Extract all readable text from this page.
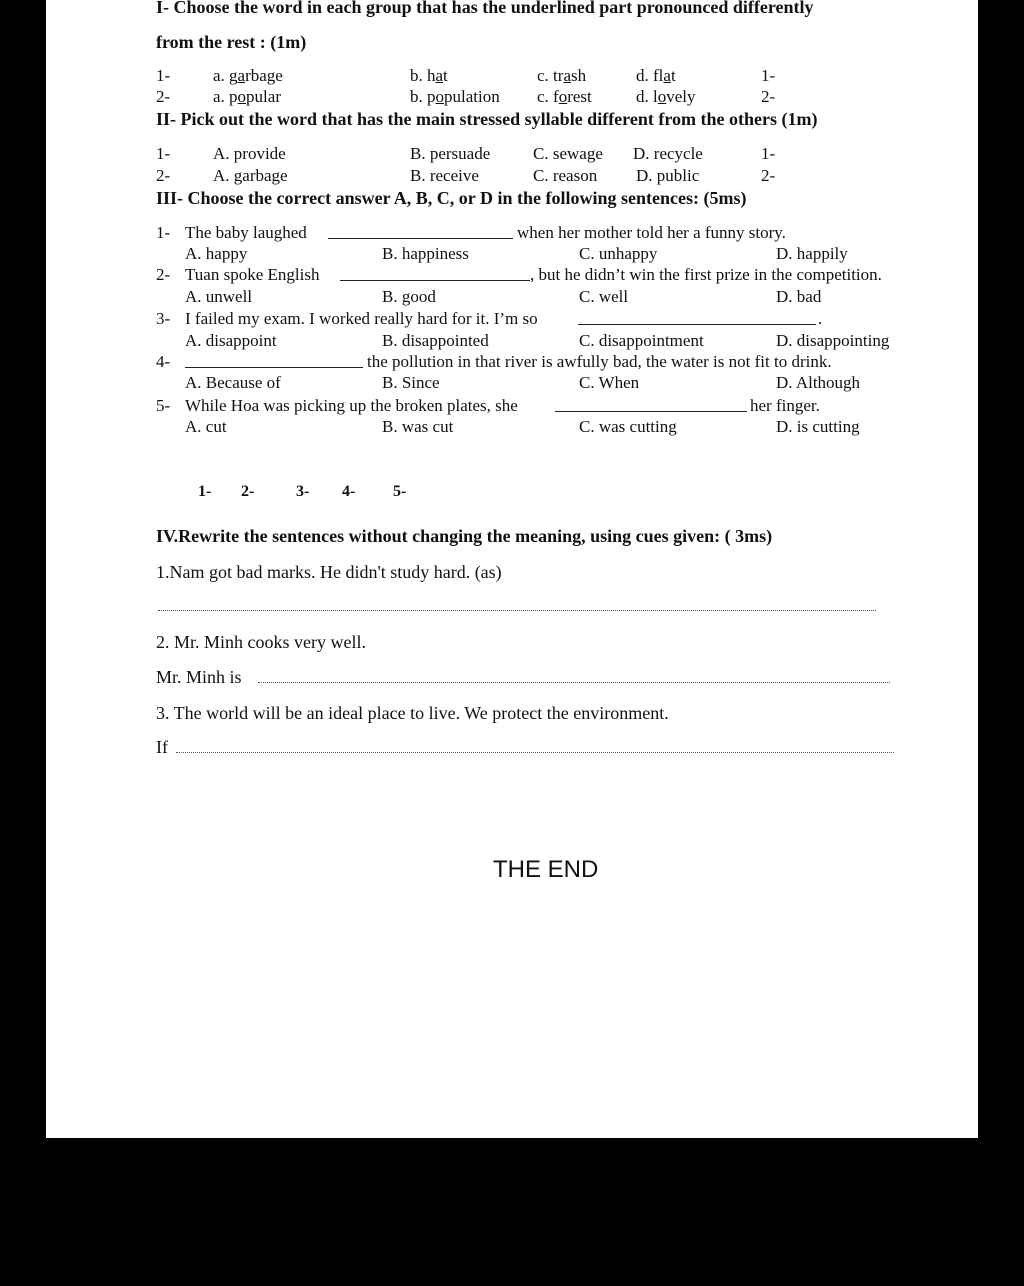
I- Choose the word in each group that has the underlined part pronounced differently
from the rest : (1m)
1-	a. garbage	b. hat	c. trash	d. flat	1-
2-	a. popular	b. population c. forest	d. lovely	2-
II- Pick out the word that has the main stressed syllable different from the others (1m)
1-	A. provide	B. persuade	C. sewage D. recycle	1-
2-	A. garbage	B. receive	C. reason D. public	2-
III- Choose the correct answer A, B, C, or D in the following sentences: (5ms)
1- The baby laughed	when her mother told her a funny story.
A. happy	B. happiness	C. unhappy	D. happily
2- Tuan spoke English	, but he didn’t win the first prize in the competition.
A. unwell	B. good	C. well	D. bad
3- I failed my exam. I worked really hard for it. I’m so	.
A. disappoint	B. disappointed	C. disappointment	D. disappointing
4-	the pollution in that river is awfully bad, the water is not fit to drink.
A. Because of	B. Since	C. When	D. Although
5- While Hoa was picking up the broken plates, she	her finger.
A. cut	B. was cut	C. was cutting	D. is cutting
1- 2-	3- 4- 5-
IV.Rewrite the sentences without changing the meaning, using cues given: ( 3ms)
1.Nam got bad marks. He didn't study hard. (as)
2. Mr. Minh cooks very well.
Mr. Minh is
3. The world will be an ideal place to live. We protect the environment.
If
THE END
